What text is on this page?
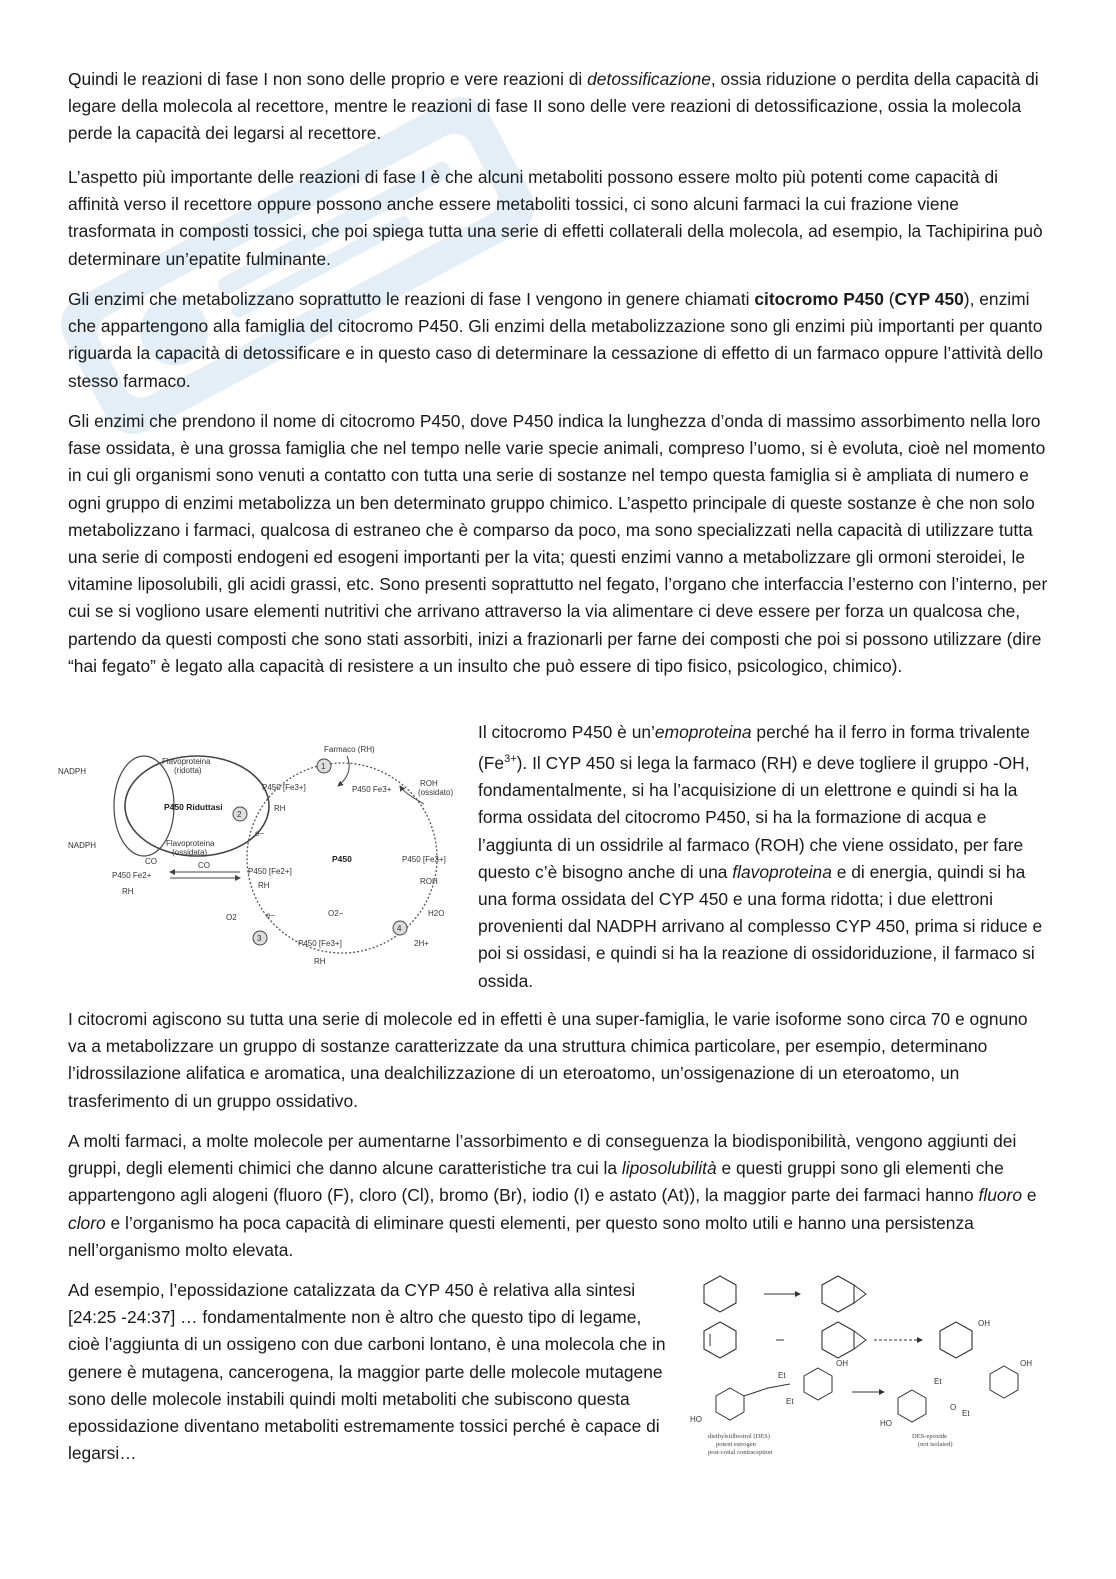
Quindi le reazioni di fase I non sono delle proprio e vere reazioni di detossificazione, ossia riduzione o perdita della capacità di legare della molecola al recettore, mentre le reazioni di fase II sono delle vere reazioni di detossificazione, ossia la molecola perde la capacità dei legarsi al recettore.

L’aspetto più importante delle reazioni di fase I è che alcuni metaboliti possono essere molto più potenti come capacità di affinità verso il recettore oppure possono anche essere metaboliti tossici, ci sono alcuni farmaci la cui frazione viene trasformata in composti tossici, che poi spiega tutta una serie di effetti collaterali della molecola, ad esempio, la Tachipirina può determinare un’epatite fulminante.

Gli enzimi che metabolizzano soprattutto le reazioni di fase I vengono in genere chiamati citocromo P450 (CYP 450), enzimi che appartengono alla famiglia del citocromo P450. Gli enzimi della metabolizzazione sono gli enzimi più importanti per quanto riguarda la capacità di detossificare e in questo caso di determinare la cessazione di effetto di un farmaco oppure l’attività dello stesso farmaco.

Gli enzimi che prendono il nome di citocromo P450, dove P450 indica la lunghezza d’onda di massimo assorbimento nella loro fase ossidata, è una grossa famiglia che nel tempo nelle varie specie animali, compreso l’uomo, si è evoluta, cioè nel momento in cui gli organismi sono venuti a contatto con tutta una serie di sostanze nel tempo questa famiglia si è ampliata di numero e ogni gruppo di enzimi metabolizza un ben determinato gruppo chimico. L’aspetto principale di queste sostanze è che non solo metabolizzano i farmaci, qualcosa di estraneo che è comparso da poco, ma sono specializzati nella capacità di utilizzare tutta una serie di composti endogeni ed esogeni importanti per la vita; questi enzimi vanno a metabolizzare gli ormoni steroidei, le vitamine liposolubili, gli acidi grassi, etc. Sono presenti soprattutto nel fegato, l’organo che interfaccia l’esterno con l’interno, per cui se si vogliono usare elementi nutritivi che arrivano attraverso la via alimentare ci deve essere per forza un qualcosa che, partendo da questi composti che sono stati assorbiti, inizi a frazionarli per farne dei composti che poi si possono utilizzare (dire “hai fegato” è legato alla capacità di resistere a un insulto che può essere di tipo fisico, psicologico, chimico).

NADPH
NADPH
Flavoproteina
(ridotta)
P450 Riduttasi
Flavoproteina
(ossidata)
P450
P450 [Fe3+]
RH
Farmaco (RH)
1
P450 Fe3+
ROH
(ossidato)
P450 [Fe3+]
ROH
2
e−
P450 [Fe2+]
RH
P450 Fe2+
CO
RH
CO
O2	e−
3
P450 [Fe3+]
RH
O2−
4
H2O
2H+

Il citocromo P450 è un’emoproteina perché ha il ferro in forma trivalente $(Fe^{3+})$. Il CYP 450 si lega la farmaco (RH) e deve togliere il gruppo -OH, fondamentalmente, si ha l’acquisizione di un elettrone e quindi si ha la forma ossidata del citocromo P450, si ha la formazione di acqua e l’aggiunta di un ossidrile al farmaco (ROH) che viene ossidato, per fare questo c’è bisogno anche di una flavoproteina e di energia, quindi si ha una forma ossidata del CYP 450 e una forma ridotta; i due elettroni provenienti dal NADPH arrivano al complesso CYP 450, prima si riduce e poi si ossidasi, e quindi si ha la reazione di ossidoriduzione, il farmaco si ossida.

I citocromi agiscono su tutta una serie di molecole ed in effetti è una super-famiglia, le varie isoforme sono circa 70 e ognuno va a metabolizzare un gruppo di sostanze caratterizzate da una struttura chimica particolare, per esempio, determinano l’idrossilazione alifatica e aromatica, una dealchilizzazione di un eteroatomo, un’ossigenazione di un eteroatomo, un trasferimento di un gruppo ossidativo.

A molti farmaci, a molte molecole per aumentarne l’assorbimento e di conseguenza la biodisponibilità, vengono aggiunti dei gruppi, degli elementi chimici che danno alcune caratteristiche tra cui la liposolubilità e questi gruppi sono gli elementi che appartengono agli alogeni (fluoro (F), cloro (Cl), bromo (Br), iodio (I) e astato (At)), la maggior parte dei farmaci hanno fluoro e cloro e l’organismo ha poca capacità di eliminare questi elementi, per questo sono molto utili e hanno una persistenza nell’organismo molto elevata.

Ad esempio, l’epossidazione catalizzata da CYP 450 è relativa alla sintesi [24:25 -24:37] … fondamentalmente non è altro che questo tipo di legame, cioè l’aggiunta di un ossigeno con due carboni lontano, è una molecola che in genere è mutagena, cancerogena, la maggior parte delle molecole mutagene sono delle molecole instabili quindi molti metaboliti che subiscono questa epossidazione diventano metaboliti estremamente tossici perché è capace di legarsi…

OH
HO
Et
Et
OH
HO
Et
O
Et
OH
diethylstilbestrol (DES)
potent estrogen
post-coital contraception
DES-epoxide
(not isolated)
